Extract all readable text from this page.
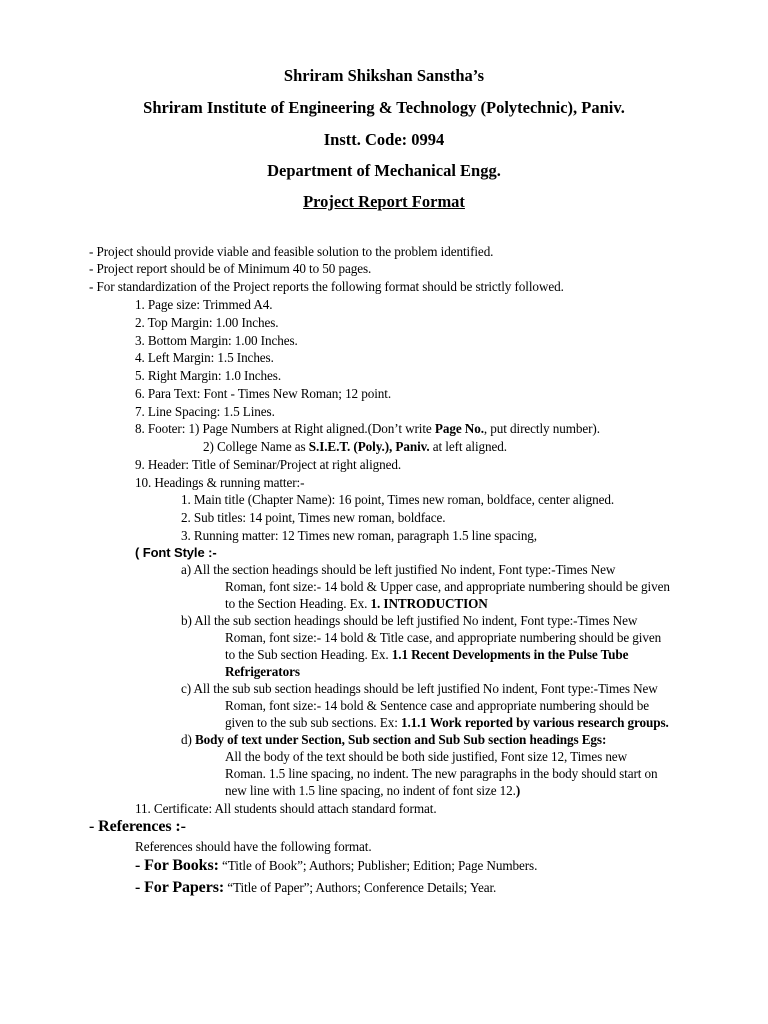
Shriram Shikshan Sanstha’s
Shriram Institute of Engineering & Technology (Polytechnic), Paniv.
Instt. Code: 0994
Department of Mechanical Engg.
Project Report Format
- Project should provide viable and feasible solution to the problem identified.
- Project report should be of Minimum 40 to 50 pages.
- For standardization of the Project reports the following format should be strictly followed.
1. Page size: Trimmed A4.
2. Top Margin: 1.00 Inches.
3. Bottom Margin: 1.00 Inches.
4. Left Margin: 1.5 Inches.
5. Right Margin: 1.0 Inches.
6. Para Text: Font - Times New Roman; 12 point.
7. Line Spacing: 1.5 Lines.
8. Footer: 1) Page Numbers at Right aligned.(Don’t write Page No., put directly number).
2) College Name as S.I.E.T. (Poly.), Paniv. at left aligned.
9. Header: Title of Seminar/Project at right aligned.
10. Headings & running matter:-
1. Main title (Chapter Name): 16 point, Times new roman, boldface, center aligned.
2. Sub titles: 14 point, Times new roman, boldface.
3. Running matter: 12 Times new roman, paragraph 1.5 line spacing,
( Font Style :-
a) All the section headings should be left justified No indent, Font type:-Times New
Roman, font size:- 14 bold & Upper case, and appropriate numbering should be given
to the Section Heading. Ex. 1. INTRODUCTION
b) All the sub section headings should be left justified No indent, Font type:-Times New
Roman, font size:- 14 bold & Title case, and appropriate numbering should be given
to the Sub section Heading. Ex. 1.1 Recent Developments in the Pulse Tube
Refrigerators
c) All the sub sub section headings should be left justified No indent, Font type:-Times New
Roman, font size:- 14 bold & Sentence case and appropriate numbering should be
given to the sub sub sections. Ex: 1.1.1 Work reported by various research groups.
d) Body of text under Section, Sub section and Sub Sub section headings Egs:
All the body of the text should be both side justified, Font size 12, Times new
Roman. 1.5 line spacing, no indent. The new paragraphs in the body should start on
new line with 1.5 line spacing, no indent of font size 12.)
11. Certificate: All students should attach standard format.
- References :-
References should have the following format.
- For Books: “Title of Book”; Authors; Publisher; Edition; Page Numbers.
- For Papers: “Title of Paper”; Authors; Conference Details; Year.
